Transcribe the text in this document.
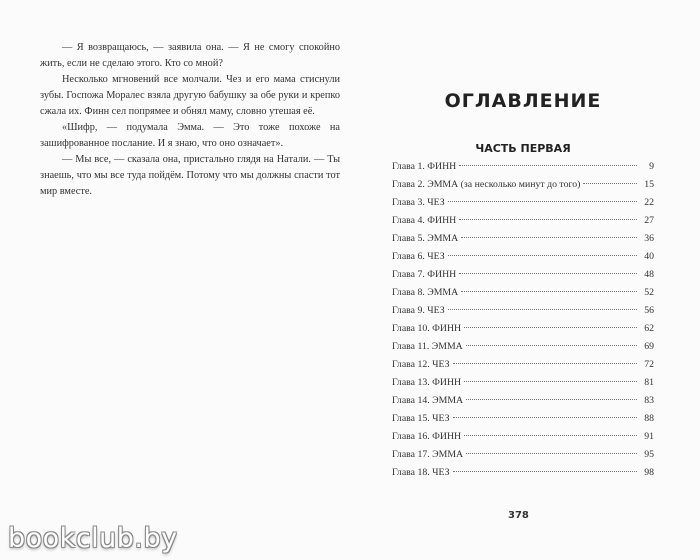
— Я возвращаюсь, — заявила она. — Я не смогу спокойно жить, если не сделаю этого. Кто со мной?

Несколько мгновений все молчали. Чез и его мама стиснули зубы. Госпожа Моралес взяла другую бабушку за обе руки и крепко сжала их. Финн сел попрямее и обнял маму, словно утешая её.

«Шифр, — подумала Эмма. — Это тоже похоже на зашифрованное послание. И я знаю, что оно означает».

— Мы все, — сказала она, пристально глядя на Натали. — Ты знаешь, что мы все туда пойдём. Потому что мы должны спасти тот мир вместе.

ОГЛАВЛЕНИЕ
ЧАСТЬ ПЕРВАЯ
Глава 1. ФИНН	9
Глава 2. ЭММА (за несколько минут до того)	15
Глава 3. ЧЕЗ	22
Глава 4. ФИНН	27
Глава 5. ЭММА	36
Глава 6. ЧЕЗ	40
Глава 7. ФИНН	48
Глава 8. ЭММА	52
Глава 9. ЧЕЗ	56
Глава 10. ФИНН	62
Глава 11. ЭММА	69
Глава 12. ЧЕЗ	72
Глава 13. ФИНН	81
Глава 14. ЭММА	83
Глава 15. ЧЕЗ	88
Глава 16. ФИНН	91
Глава 17. ЭММА	95
Глава 18. ЧЕЗ	98
378
bookclub.by
